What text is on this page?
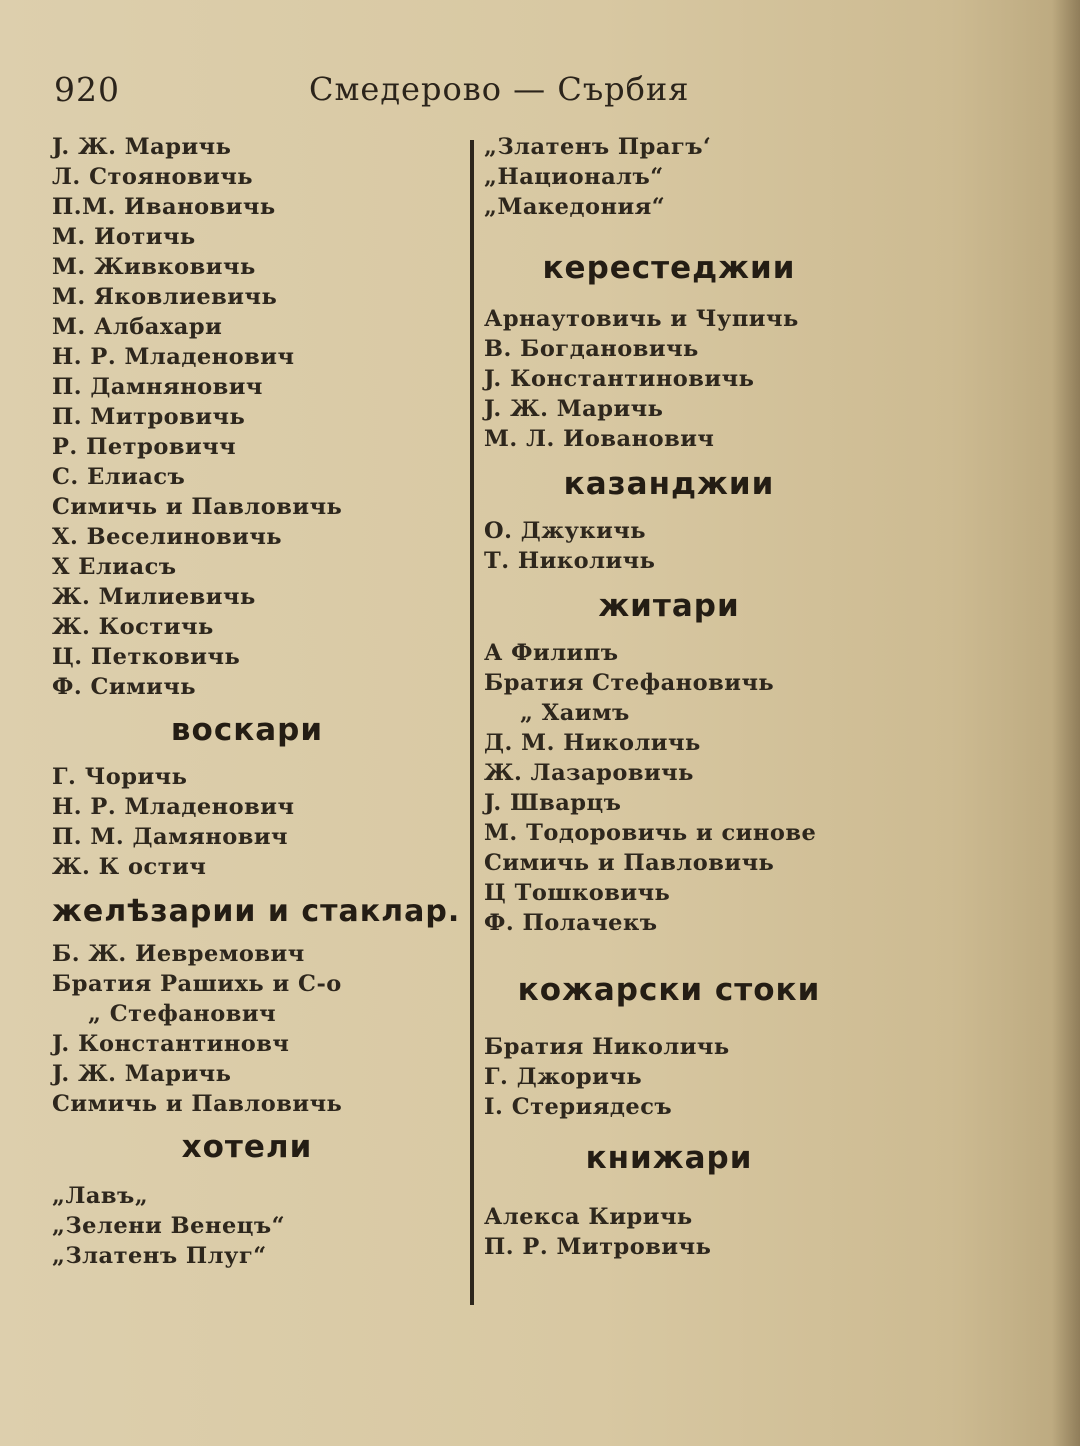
920	Смедерово — Сърбия
J. Ж. Маричь
Л. Стояновичь
П.М. Ивановичь
М. Иотичь
М. Живковичь
М. Яковлиевичь
М. Албахари
Н. Р. Младенович
П. Дамнянович
П. Митровичь
Р. Петровичч
С. Елиасъ
Симичь и Павловичь
Х. Веселиновичь
Х Елиасъ
Ж. Милиевичь
Ж. Костичь
Ц. Петковичь
Ф. Симичь
воскари
Г. Чоричь
Н. Р. Младенович
П. М. Дамянович
Ж. К остич
желѣзарии и стаклар.
Б. Ж. Иевремович
Братия Рашихь и С-о
„ Стефанович
J. Константиновч
J. Ж. Маричь
Симичь и Павловичь
хотели
„Лавъ„
„Зелени Венецъ“
„Златенъ Плуг“
„Златенъ Прагъ‘
„Националъ“
„Македония“
керестеджии
Арнаутовичь и Чупичь
В. Богдановичь
J. Константиновичь
J. Ж. Маричь
М. Л. Иованович
казанджии
О. Джукичь
Т. Николичь
житари
А Филипъ
Братия Стефановичь
„ Хаимъ
Д. М. Николичь
Ж. Лазаровичь
J. Шварцъ
М. Тодоровичь и синове
Симичь и Павловичь
Ц Тошковичь
Ф. Полачекъ
кожарски стоки
Братия Николичь
Г. Джоричь
I. Стериядесъ
книжари
Алекса Киричь
П. Р. Митровичь
